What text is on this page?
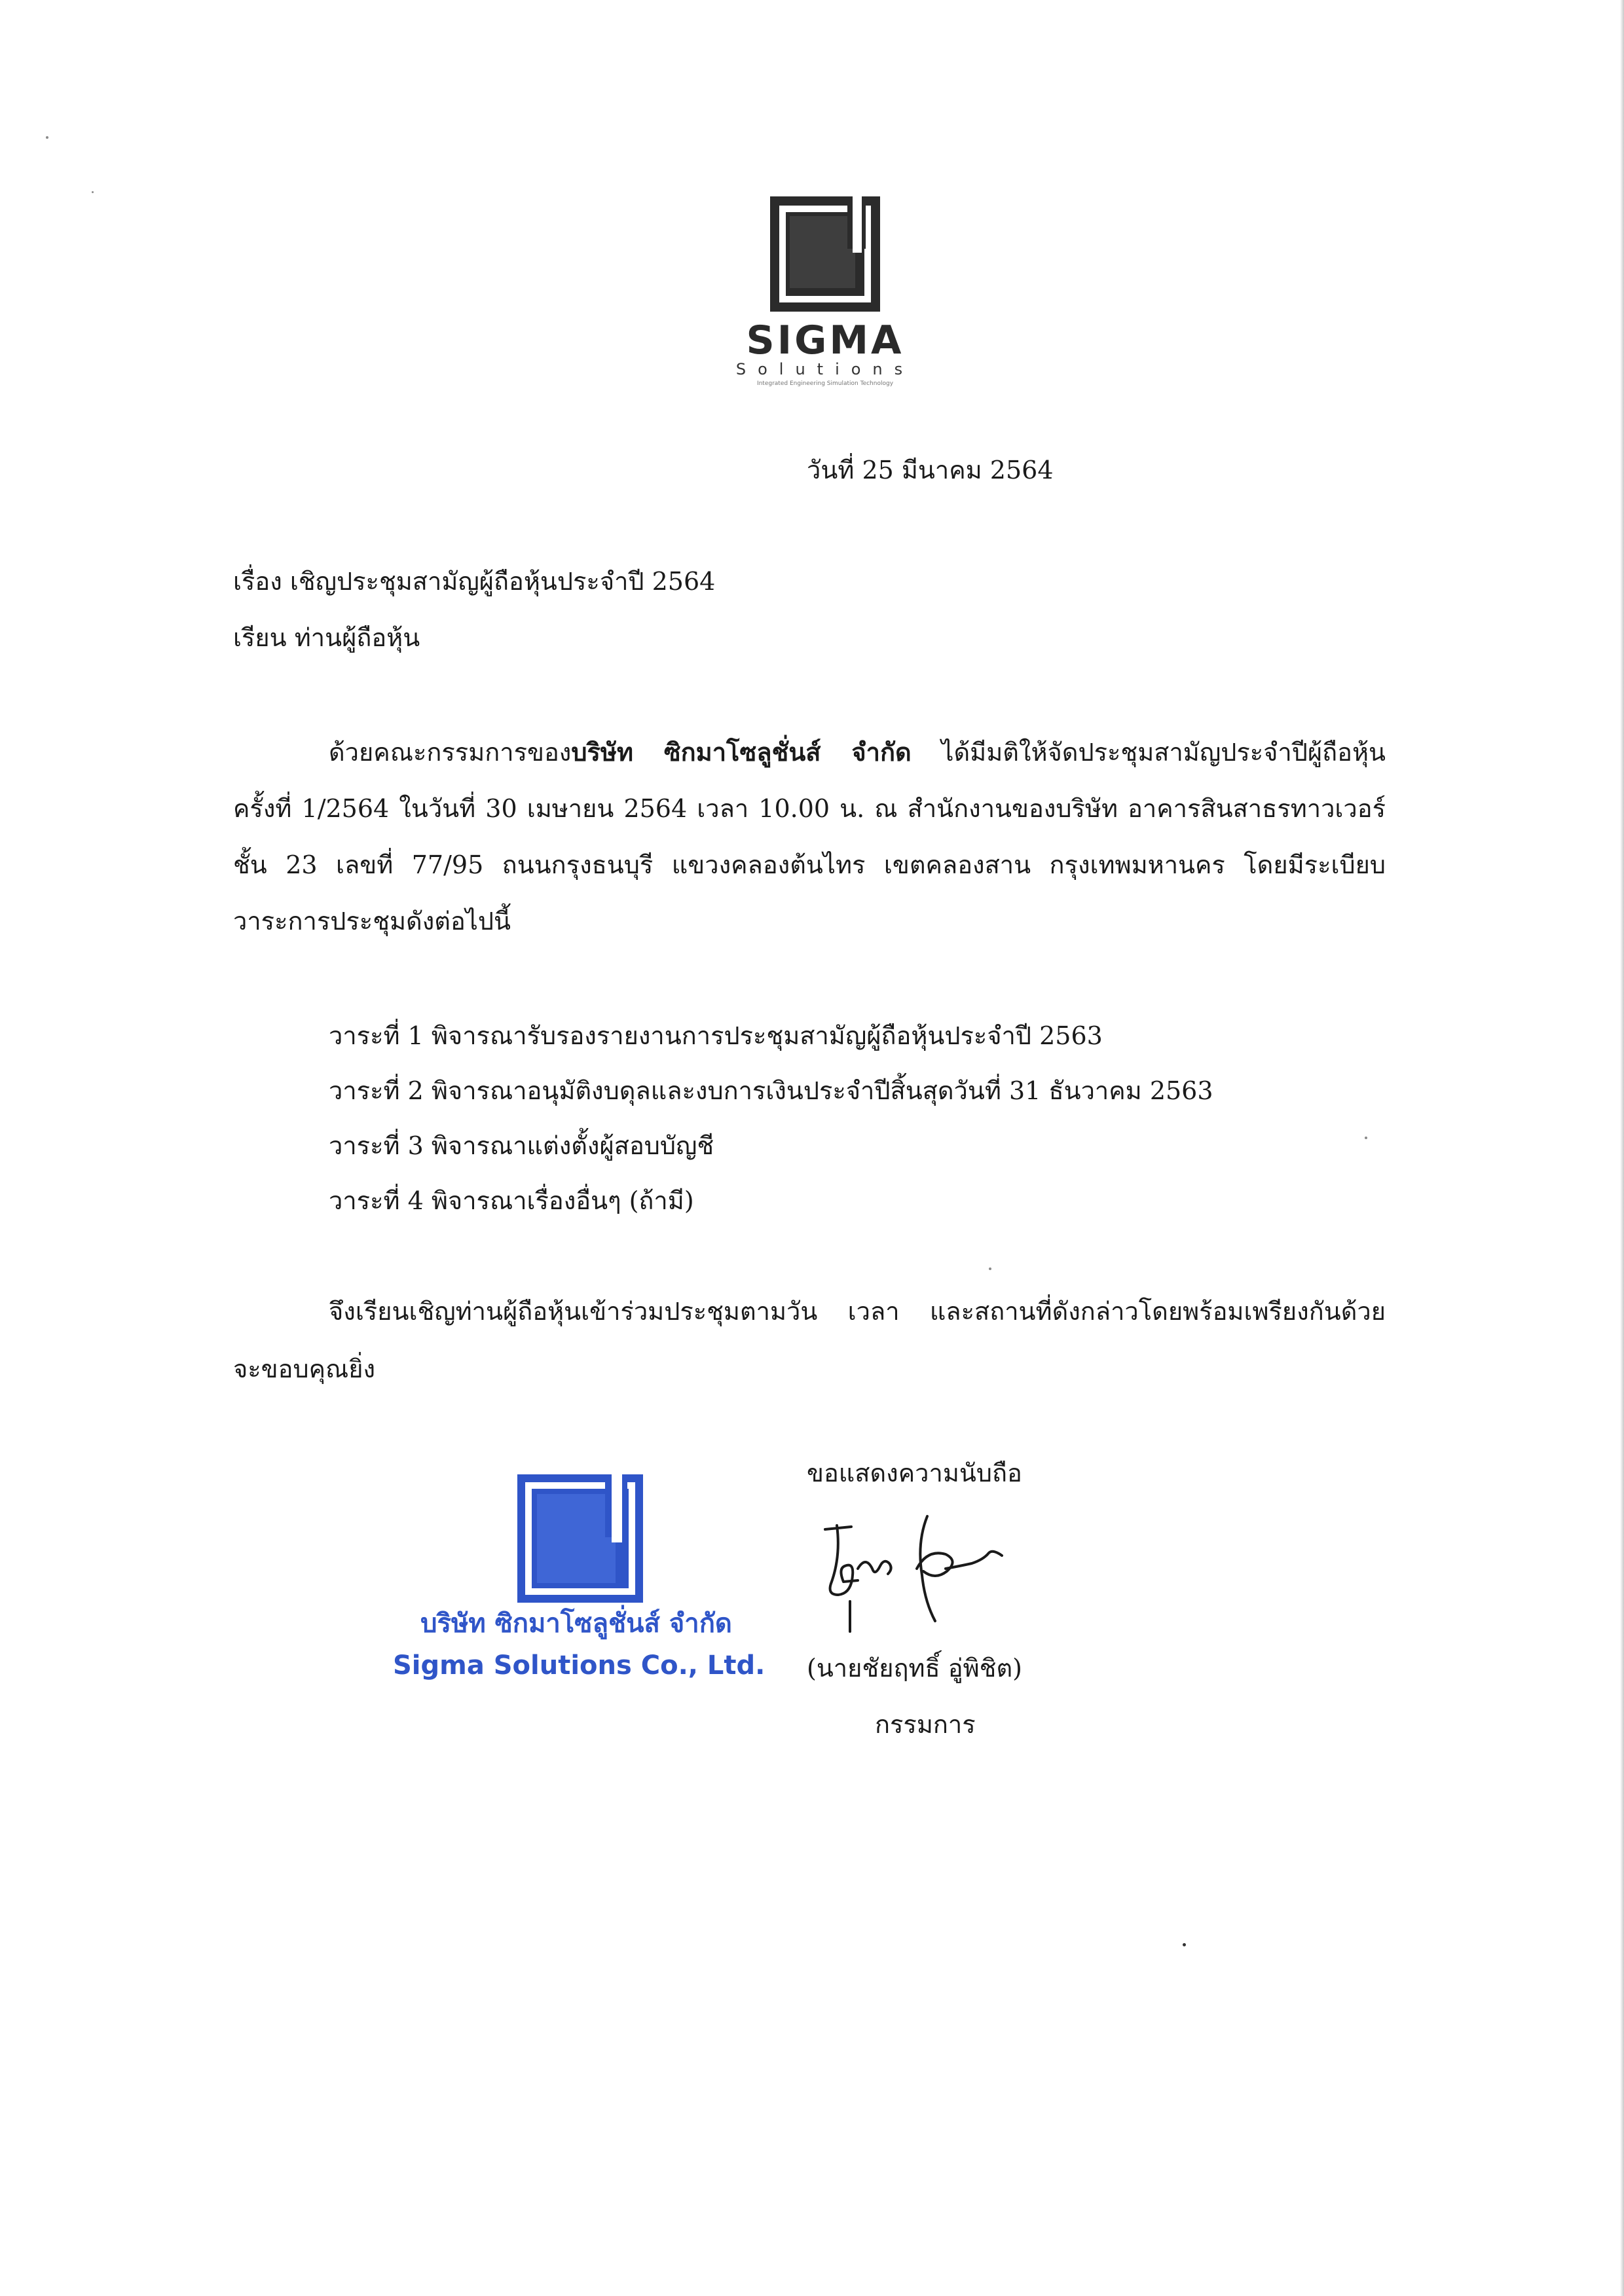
SIGMA
Solutions
Integrated Engineering Simulation Technology
วันที่ 25 มีนาคม 2564
เรื่อง เชิญประชุมสามัญผู้ถือหุ้นประจำปี 2564
เรียน ท่านผู้ถือหุ้น
ด้วยคณะกรรมการของบริษัท ซิกมาโซลูชั่นส์ จำกัด ได้มีมติให้จัดประชุมสามัญประจำปีผู้ถือหุ้น
ครั้งที่ 1/2564 ในวันที่ 30 เมษายน 2564 เวลา 10.00 น. ณ สำนักงานของบริษัท อาคารสินสาธรทาวเวอร์
ชั้น 23 เลขที่ 77/95 ถนนกรุงธนบุรี แขวงคลองต้นไทร เขตคลองสาน กรุงเทพมหานคร โดยมีระเบียบ
วาระการประชุมดังต่อไปนี้
วาระที่ 1 พิจารณารับรองรายงานการประชุมสามัญผู้ถือหุ้นประจำปี 2563
วาระที่ 2 พิจารณาอนุมัติงบดุลและงบการเงินประจำปีสิ้นสุดวันที่ 31 ธันวาคม 2563
วาระที่ 3 พิจารณาแต่งตั้งผู้สอบบัญชี
วาระที่ 4 พิจารณาเรื่องอื่นๆ (ถ้ามี)
จึงเรียนเชิญท่านผู้ถือหุ้นเข้าร่วมประชุมตามวัน เวลา และสถานที่ดังกล่าวโดยพร้อมเพรียงกันด้วย
จะขอบคุณยิ่ง
บริษัท ซิกมาโซลูชั่นส์ จำกัด
Sigma Solutions Co., Ltd.
ขอแสดงความนับถือ
(นายชัยฤทธิ์ อู่พิชิต)
กรรมการ
